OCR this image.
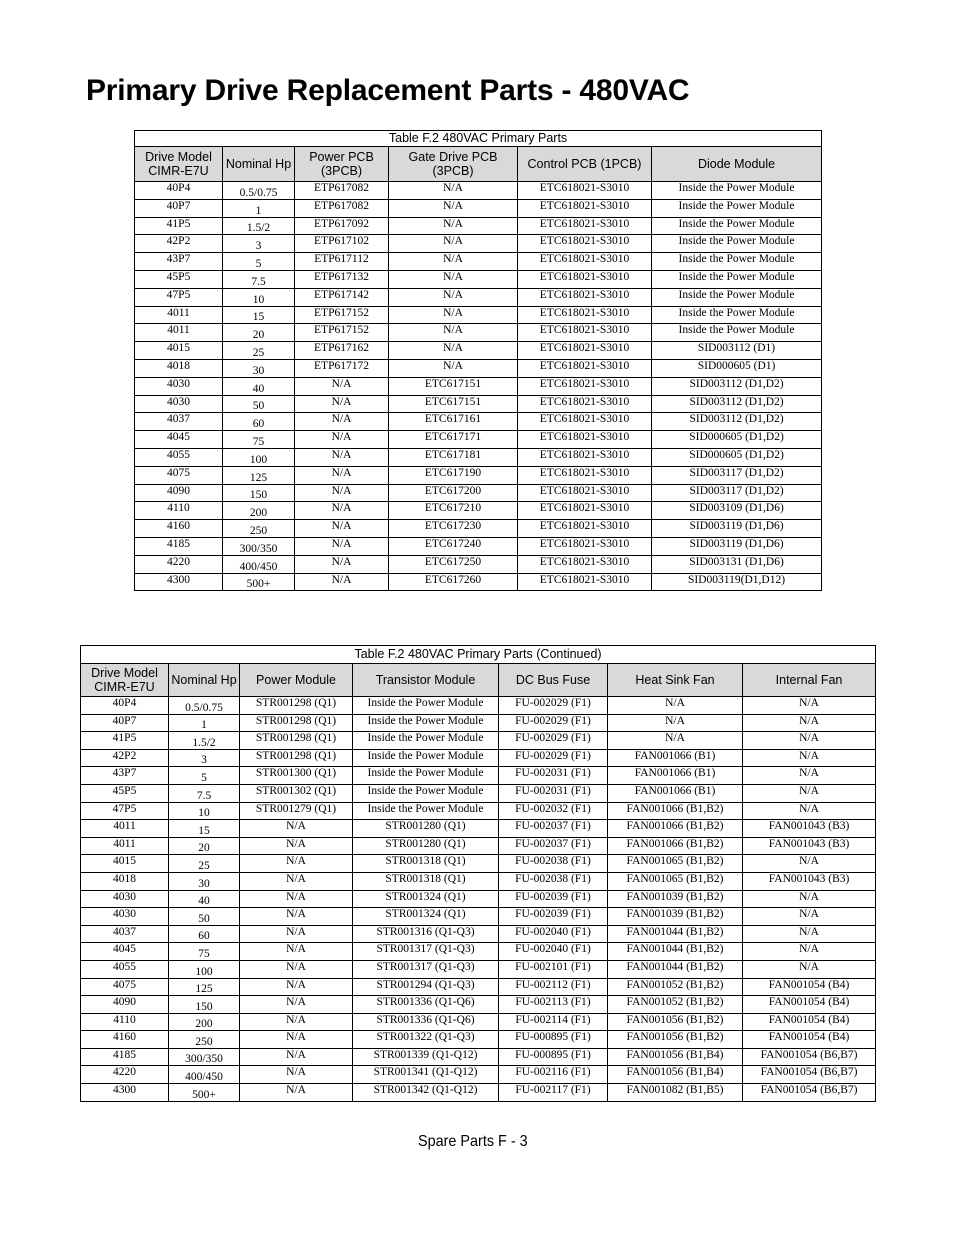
Primary Drive Replacement Parts - 480VAC
Table F.2 480VAC Primary Parts					
Drive Model CIMR-E7U	Nominal Hp	Power PCB (3PCB)	Gate Drive PCB (3PCB)	Control PCB (1PCB)	Diode Module
40P4	0.5/0.75	ETP617082	N/A	ETC618021-S3010	Inside the Power Module
40P7	1	ETP617082	N/A	ETC618021-S3010	Inside the Power Module
41P5	1.5/2	ETP617092	N/A	ETC618021-S3010	Inside the Power Module
42P2	3	ETP617102	N/A	ETC618021-S3010	Inside the Power Module
43P7	5	ETP617112	N/A	ETC618021-S3010	Inside the Power Module
45P5	7.5	ETP617132	N/A	ETC618021-S3010	Inside the Power Module
47P5	10	ETP617142	N/A	ETC618021-S3010	Inside the Power Module
4011	15	ETP617152	N/A	ETC618021-S3010	Inside the Power Module
4011	20	ETP617152	N/A	ETC618021-S3010	Inside the Power Module
4015	25	ETP617162	N/A	ETC618021-S3010	SID003112 (D1)
4018	30	ETP617172	N/A	ETC618021-S3010	SID000605 (D1)
4030	40	N/A	ETC617151	ETC618021-S3010	SID003112 (D1,D2)
4030	50	N/A	ETC617151	ETC618021-S3010	SID003112 (D1,D2)
4037	60	N/A	ETC617161	ETC618021-S3010	SID003112 (D1,D2)
4045	75	N/A	ETC617171	ETC618021-S3010	SID000605 (D1,D2)
4055	100	N/A	ETC617181	ETC618021-S3010	SID000605 (D1,D2)
4075	125	N/A	ETC617190	ETC618021-S3010	SID003117 (D1,D2)
4090	150	N/A	ETC617200	ETC618021-S3010	SID003117 (D1,D2)
4110	200	N/A	ETC617210	ETC618021-S3010	SID003109 (D1,D6)
4160	250	N/A	ETC617230	ETC618021-S3010	SID003119 (D1,D6)
4185	300/350	N/A	ETC617240	ETC618021-S3010	SID003119 (D1,D6)
4220	400/450	N/A	ETC617250	ETC618021-S3010	SID003131 (D1,D6)
4300	500+	N/A	ETC617260	ETC618021-S3010	SID003119(D1,D12)
Table F.2 480VAC Primary Parts (Continued)						
Drive Model CIMR-E7U	Nominal Hp	Power Module	Transistor Module	DC Bus Fuse	Heat Sink Fan	Internal Fan
40P4	0.5/0.75	STR001298 (Q1)	Inside the Power Module	FU-002029 (F1)	N/A	N/A
40P7	1	STR001298 (Q1)	Inside the Power Module	FU-002029 (F1)	N/A	N/A
41P5	1.5/2	STR001298 (Q1)	Inside the Power Module	FU-002029 (F1)	N/A	N/A
42P2	3	STR001298 (Q1)	Inside the Power Module	FU-002029 (F1)	FAN001066 (B1)	N/A
43P7	5	STR001300 (Q1)	Inside the Power Module	FU-002031 (F1)	FAN001066 (B1)	N/A
45P5	7.5	STR001302 (Q1)	Inside the Power Module	FU-002031 (F1)	FAN001066 (B1)	N/A
47P5	10	STR001279 (Q1)	Inside the Power Module	FU-002032 (F1)	FAN001066 (B1,B2)	N/A
4011	15	N/A	STR001280 (Q1)	FU-002037 (F1)	FAN001066 (B1,B2)	FAN001043 (B3)
4011	20	N/A	STR001280 (Q1)	FU-002037 (F1)	FAN001066 (B1,B2)	FAN001043 (B3)
4015	25	N/A	STR001318 (Q1)	FU-002038 (F1)	FAN001065 (B1,B2)	N/A
4018	30	N/A	STR001318 (Q1)	FU-002038 (F1)	FAN001065 (B1,B2)	FAN001043 (B3)
4030	40	N/A	STR001324 (Q1)	FU-002039 (F1)	FAN001039 (B1,B2)	N/A
4030	50	N/A	STR001324 (Q1)	FU-002039 (F1)	FAN001039 (B1,B2)	N/A
4037	60	N/A	STR001316 (Q1-Q3)	FU-002040 (F1)	FAN001044 (B1,B2)	N/A
4045	75	N/A	STR001317 (Q1-Q3)	FU-002040 (F1)	FAN001044 (B1,B2)	N/A
4055	100	N/A	STR001317 (Q1-Q3)	FU-002101 (F1)	FAN001044 (B1,B2)	N/A
4075	125	N/A	STR001294 (Q1-Q3)	FU-002112 (F1)	FAN001052 (B1,B2)	FAN001054 (B4)
4090	150	N/A	STR001336 (Q1-Q6)	FU-002113 (F1)	FAN001052 (B1,B2)	FAN001054 (B4)
4110	200	N/A	STR001336 (Q1-Q6)	FU-002114 (F1)	FAN001056 (B1,B2)	FAN001054 (B4)
4160	250	N/A	STR001322 (Q1-Q3)	FU-000895 (F1)	FAN001056 (B1,B2)	FAN001054 (B4)
4185	300/350	N/A	STR001339 (Q1-Q12)	FU-000895 (F1)	FAN001056 (B1,B4)	FAN001054 (B6,B7)
4220	400/450	N/A	STR001341 (Q1-Q12)	FU-002116 (F1)	FAN001056 (B1,B4)	FAN001054 (B6,B7)
4300	500+	N/A	STR001342 (Q1-Q12)	FU-002117 (F1)	FAN001082 (B1,B5)	FAN001054 (B6,B7)
Spare Parts F - 3
